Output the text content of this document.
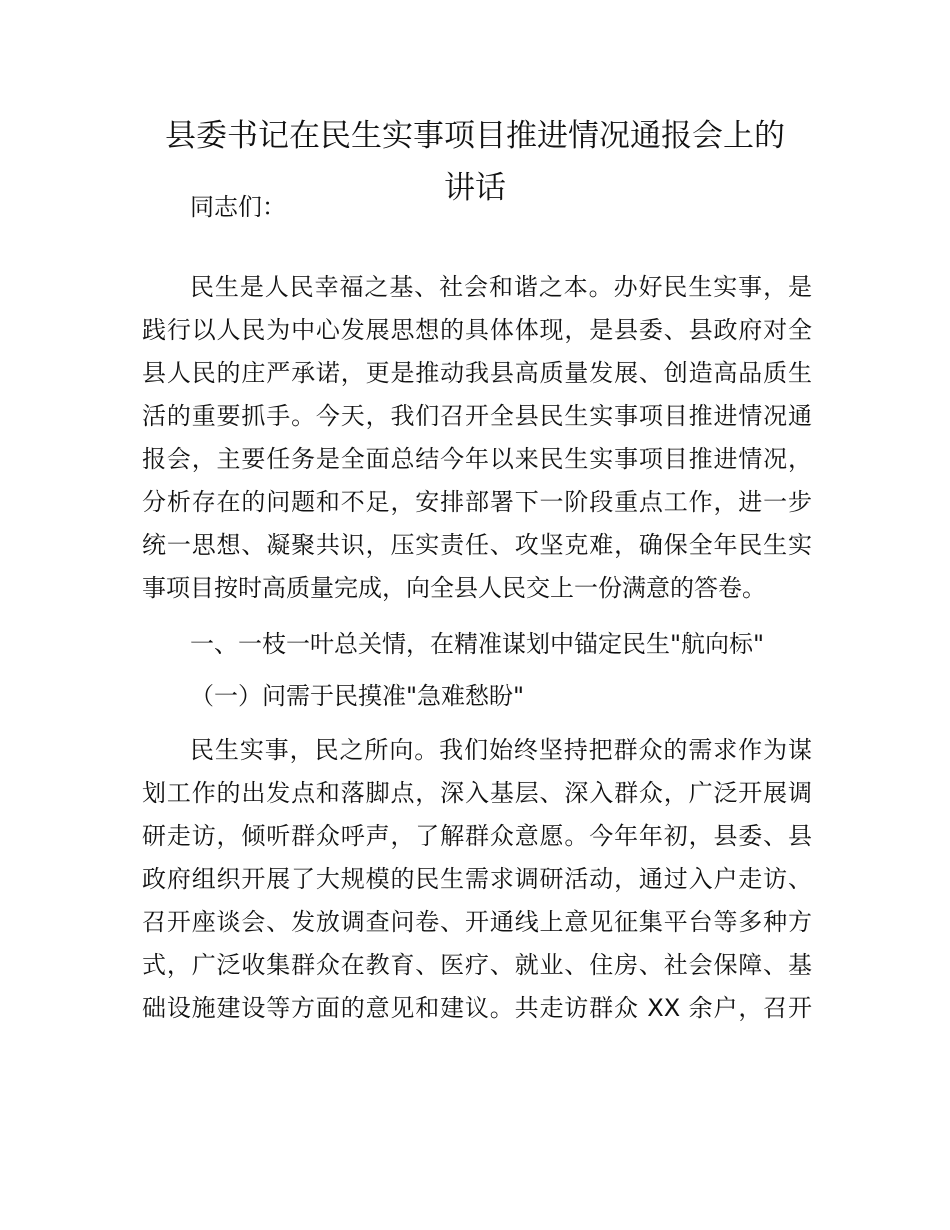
县委书记在民生实事项目推进情况通报会上的
讲话

同志们：

民生是人民幸福之基、社会和谐之本。办好民生实事，是

践行以人民为中心发展思想的具体体现，是县委、县政府对全

县人民的庄严承诺，更是推动我县高质量发展、创造高品质生

活的重要抓手。今天，我们召开全县民生实事项目推进情况通

报会，主要任务是全面总结今年以来民生实事项目推进情况，

分析存在的问题和不足，安排部署下一阶段重点工作，进一步

统一思想、凝聚共识，压实责任、攻坚克难，确保全年民生实

事项目按时高质量完成，向全县人民交上一份满意的答卷。

一、一枝一叶总关情，在精准谋划中锚定民生"航向标"

（一）问需于民摸准"急难愁盼"

民生实事，民之所向。我们始终坚持把群众的需求作为谋

划工作的出发点和落脚点，深入基层、深入群众，广泛开展调

研走访，倾听群众呼声，了解群众意愿。今年年初，县委、县

政府组织开展了大规模的民生需求调研活动，通过入户走访、

召开座谈会、发放调查问卷、开通线上意见征集平台等多种方

式，广泛收集群众在教育、医疗、就业、住房、社会保障、基

础设施建设等方面的意见和建议。共走访群众 XX 余户，召开
